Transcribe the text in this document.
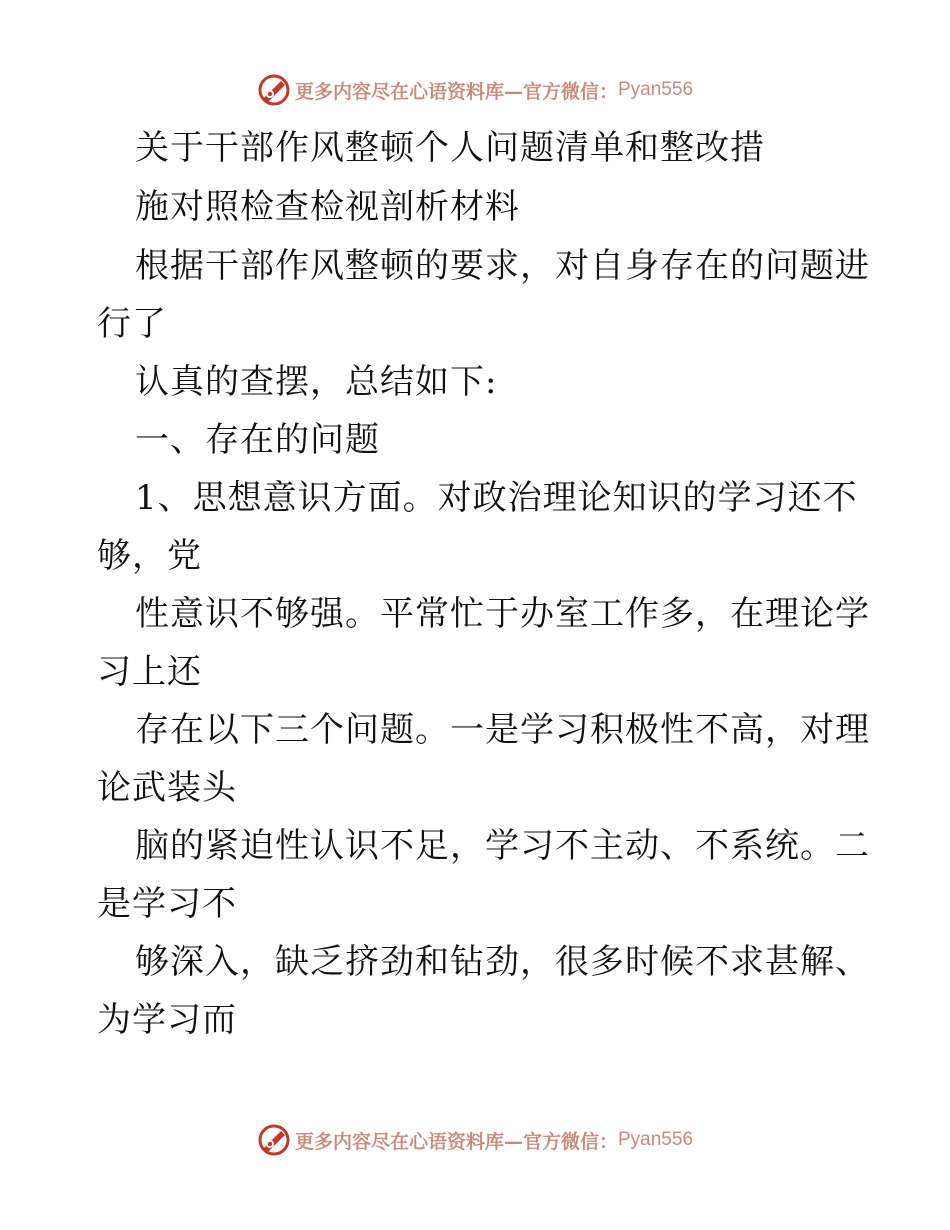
更多内容尽在心语资料库—官方微信： Pyan556
关于干部作风整顿个人问题清单和整改措
施对照检查检视剖析材料
根据干部作风整顿的要求，对自身存在的问题进
行了
认真的查摆，总结如下:
一、存在的问题
1、思想意识方面。对政治理论知识的学习还不
够，党
性意识不够强。平常忙于办室工作多，在理论学
习上还
存在以下三个问题。一是学习积极性不高，对理
论武装头
脑的紧迫性认识不足，学习不主动、不系统。二
是学习不
够深入，缺乏挤劲和钻劲，很多时候不求甚解、
为学习而
更多内容尽在心语资料库—官方微信： Pyan556
